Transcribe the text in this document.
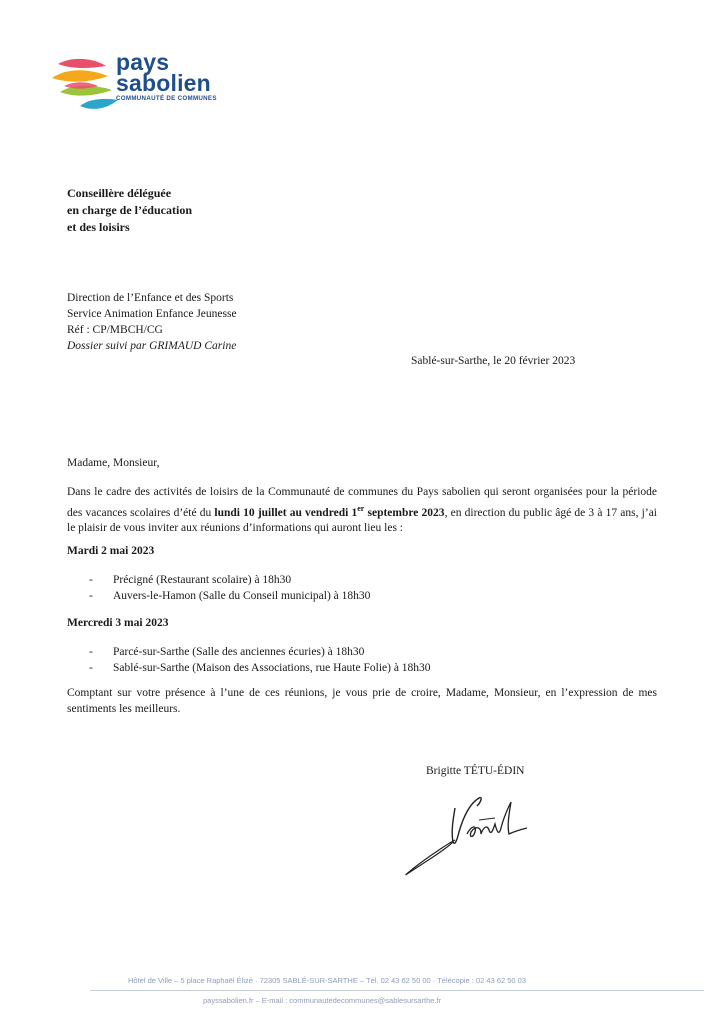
pays
sabolien
COMMUNAUTÉ DE COMMUNES
Conseillère déléguée
en charge de l’éducation
et des loisirs
Direction de l’Enfance et des Sports
Service Animation Enfance Jeunesse
Réf : CP/MBCH/CG
Dossier suivi par GRIMAUD Carine
Sablé-sur-Sarthe, le 20 février 2023
Madame, Monsieur,
Dans le cadre des activités de loisirs de la Communauté de communes du Pays sabolien qui seront organisées pour la période des vacances scolaires d’été du lundi 10 juillet au vendredi 1er septembre 2023, en direction du public âgé de 3 à 17 ans, j’ai le plaisir de vous inviter aux réunions d’informations qui auront lieu les :
Mardi 2 mai 2023
- Précigné (Restaurant scolaire) à 18h30
- Auvers-le-Hamon (Salle du Conseil municipal) à 18h30
Mercredi 3 mai 2023
- Parcé-sur-Sarthe (Salle des anciennes écuries) à 18h30
- Sablé-sur-Sarthe (Maison des Associations, rue Haute Folie) à 18h30
Comptant sur votre présence à l’une de ces réunions, je vous prie de croire, Madame, Monsieur, en l’expression de mes sentiments les meilleurs.
Brigitte TÉTU-ÉDIN
Hôtel de Ville – 5 place Raphaël Élizé · 72305 SABLÉ-SUR-SARTHE – Tél. 02 43 62 50 00 · Télécopie : 02 43 62 50 03
payssabolien.fr – E-mail : communautedecommunes@sablesursarthe.fr
